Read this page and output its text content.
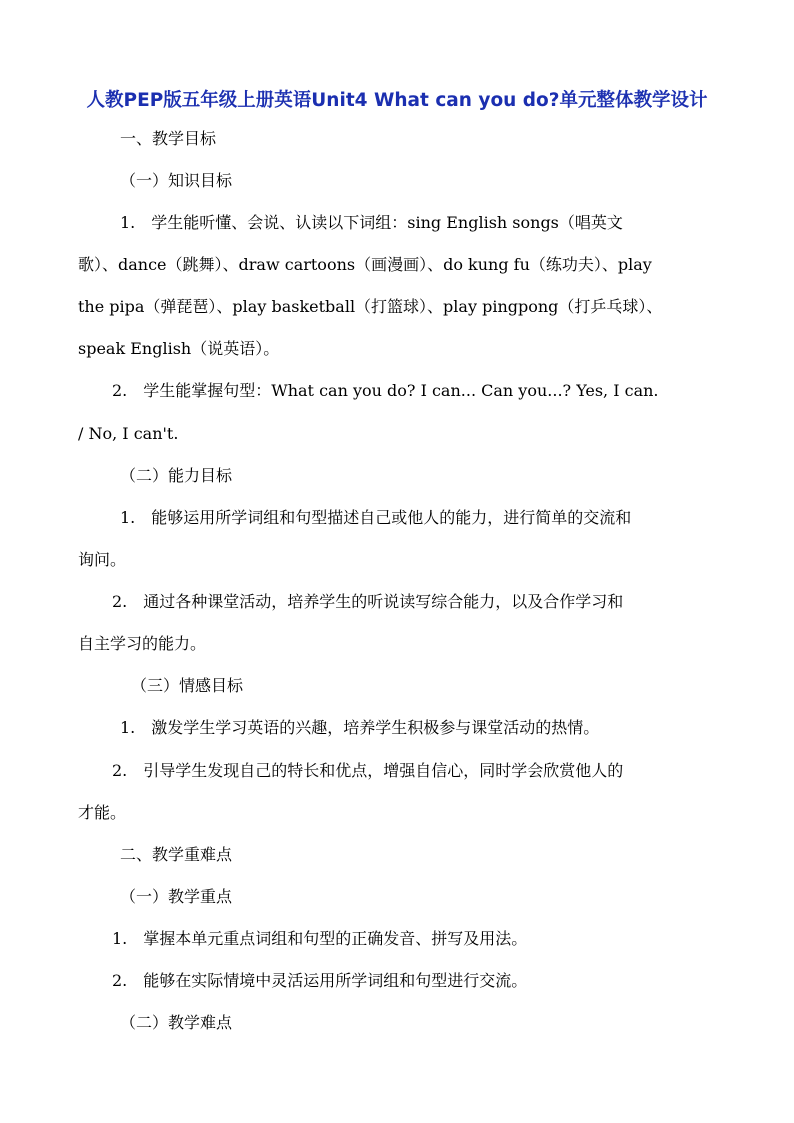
人教PEP版五年级上册英语Unit4 What can you do?单元整体教学设计
一、教学目标
（一）知识目标
1.　学生能听懂、会说、认读以下词组：sing English songs（唱英文
歌）、dance（跳舞）、draw cartoons（画漫画）、do kung fu（练功夫）、play
the pipa（弹琵琶）、play basketball（打篮球）、play pingpong（打乒乓球）、
speak English（说英语）。
2.　学生能掌握句型：What can you do? I can... Can you...? Yes, I can.
/ No, I can't.
（二）能力目标
1.　能够运用所学词组和句型描述自己或他人的能力，进行简单的交流和
询问。
2.　通过各种课堂活动，培养学生的听说读写综合能力，以及合作学习和
自主学习的能力。
（三）情感目标
1.　激发学生学习英语的兴趣，培养学生积极参与课堂活动的热情。
2.　引导学生发现自己的特长和优点，增强自信心，同时学会欣赏他人的
才能。
二、教学重难点
（一）教学重点
1.　掌握本单元重点词组和句型的正确发音、拼写及用法。
2.　能够在实际情境中灵活运用所学词组和句型进行交流。
（二）教学难点
